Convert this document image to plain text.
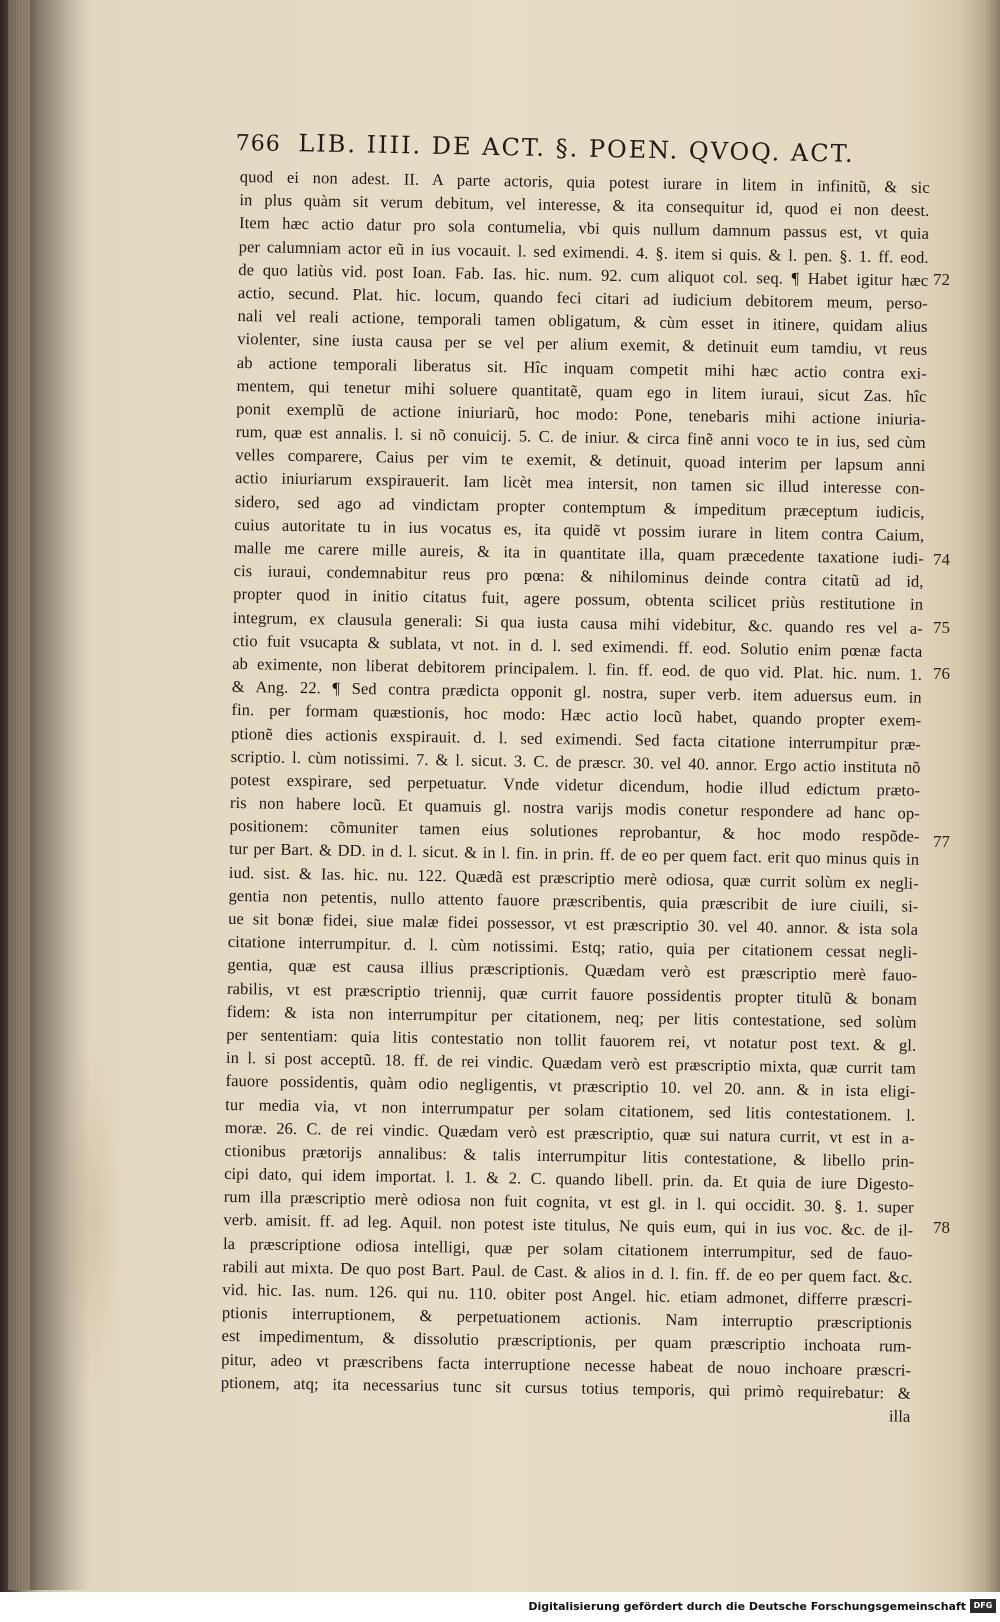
766 LIB. IIII. DE ACT. §. POEN. QVOQ. ACT.
quod ei non adest. II. A parte actoris, quia potest iurare in litem in infinitũ, & sic
in plus quàm sit verum debitum, vel interesse, & ita consequitur id, quod ei non deest.
Item hæc actio datur pro sola contumelia, vbi quis nullum damnum passus est, vt quia
per calumniam actor eũ in ius vocauit. l. sed eximendi. 4. §. item si quis. & l. pen. §. 1. ff. eod.
de quo latiùs vid. post Ioan. Fab. Ias. hic. num. 92. cum aliquot col. seq. ¶ Habet igitur hæc
actio, secund. Plat. hic. locum, quando feci citari ad iudicium debitorem meum, perso-
nali vel reali actione, temporali tamen obligatum, & cùm esset in itinere, quidam alius
violenter, sine iusta causa per se vel per alium exemit, & detinuit eum tamdiu, vt reus
ab actione temporali liberatus sit. Hîc inquam competit mihi hæc actio contra exi-
mentem, qui tenetur mihi soluere quantitatẽ, quam ego in litem iuraui, sicut Zas. hîc
ponit exemplũ de actione iniuriarũ, hoc modo: Pone, tenebaris mihi actione iniuria-
rum, quæ est annalis. l. si nõ conuicij. 5. C. de iniur. & circa finẽ anni voco te in ius, sed cùm
velles comparere, Caius per vim te exemit, & detinuit, quoad interim per lapsum anni
actio iniuriarum exspirauerit. Iam licèt mea intersit, non tamen sic illud interesse con-
sidero, sed ago ad vindictam propter contemptum & impeditum præceptum iudicis,
cuius autoritate tu in ius vocatus es, ita quidẽ vt possim iurare in litem contra Caium,
malle me carere mille aureis, & ita in quantitate illa, quam præcedente taxatione iudi-
cis iuraui, condemnabitur reus pro pœna: & nihilominus deinde contra citatũ ad id,
propter quod in initio citatus fuit, agere possum, obtenta scilicet priùs restitutione in
integrum, ex clausula generali: Si qua iusta causa mihi videbitur, &c. quando res vel a-
ctio fuit vsucapta & sublata, vt not. in d. l. sed eximendi. ff. eod. Solutio enim pœnæ facta
ab eximente, non liberat debitorem principalem. l. fin. ff. eod. de quo vid. Plat. hic. num. 1.
& Ang. 22. ¶ Sed contra prædicta opponit gl. nostra, super verb. item aduersus eum. in
fin. per formam quæstionis, hoc modo: Hæc actio locũ habet, quando propter exem-
ptionẽ dies actionis exspirauit. d. l. sed eximendi. Sed facta citatione interrumpitur præ-
scriptio. l. cùm notissimi. 7. & l. sicut. 3. C. de præscr. 30. vel 40. annor. Ergo actio instituta nõ
potest exspirare, sed perpetuatur. Vnde videtur dicendum, hodie illud edictum præto-
ris non habere locũ. Et quamuis gl. nostra varijs modis conetur respondere ad hanc op-
positionem: cõmuniter tamen eius solutiones reprobantur, & hoc modo respõde-
tur per Bart. & DD. in d. l. sicut. & in l. fin. in prin. ff. de eo per quem fact. erit quo minus quis in
iud. sist. & Ias. hic. nu. 122. Quædã est præscriptio merè odiosa, quæ currit solùm ex negli-
gentia non petentis, nullo attento fauore præscribentis, quia præscribit de iure ciuili, si-
ue sit bonæ fidei, siue malæ fidei possessor, vt est præscriptio 30. vel 40. annor. & ista sola
citatione interrumpitur. d. l. cùm notissimi. Estq; ratio, quia per citationem cessat negli-
gentia, quæ est causa illius præscriptionis. Quædam verò est præscriptio merè fauo-
rabilis, vt est præscriptio triennij, quæ currit fauore possidentis propter titulũ & bonam
fidem: & ista non interrumpitur per citationem, neq; per litis contestatione, sed solùm
per sententiam: quia litis contestatio non tollit fauorem rei, vt notatur post text. & gl.
in l. si post acceptũ. 18. ff. de rei vindic. Quædam verò est præscriptio mixta, quæ currit tam
fauore possidentis, quàm odio negligentis, vt præscriptio 10. vel 20. ann. & in ista eligi-
tur media via, vt non interrumpatur per solam citationem, sed litis contestationem. l.
moræ. 26. C. de rei vindic. Quædam verò est præscriptio, quæ sui natura currit, vt est in a-
ctionibus prætorijs annalibus: & talis interrumpitur litis contestatione, & libello prin-
cipi dato, qui idem importat. l. 1. & 2. C. quando libell. prin. da. Et quia de iure Digesto-
rum illa præscriptio merè odiosa non fuit cognita, vt est gl. in l. qui occidit. 30. §. 1. super
verb. amisit. ff. ad leg. Aquil. non potest iste titulus, Ne quis eum, qui in ius voc. &c. de il-
la præscriptione odiosa intelligi, quæ per solam citationem interrumpitur, sed de fauo-
rabili aut mixta. De quo post Bart. Paul. de Cast. & alios in d. l. fin. ff. de eo per quem fact. &c.
vid. hic. Ias. num. 126. qui nu. 110. obiter post Angel. hic. etiam admonet, differre præscri-
ptionis interruptionem, & perpetuationem actionis. Nam interruptio præscriptionis
est impedimentum, & dissolutio præscriptionis, per quam præscriptio inchoata rum-
pitur, adeo vt præscribens facta interruptione necesse habeat de nouo inchoare præscri-
ptionem, atq; ita necessarius tunc sit cursus totius temporis, qui primò requirebatur: &
illa
72
74
75
76
77
78
Digitalisierung gefördert durch die Deutsche Forschungsgemeinschaft DFG
